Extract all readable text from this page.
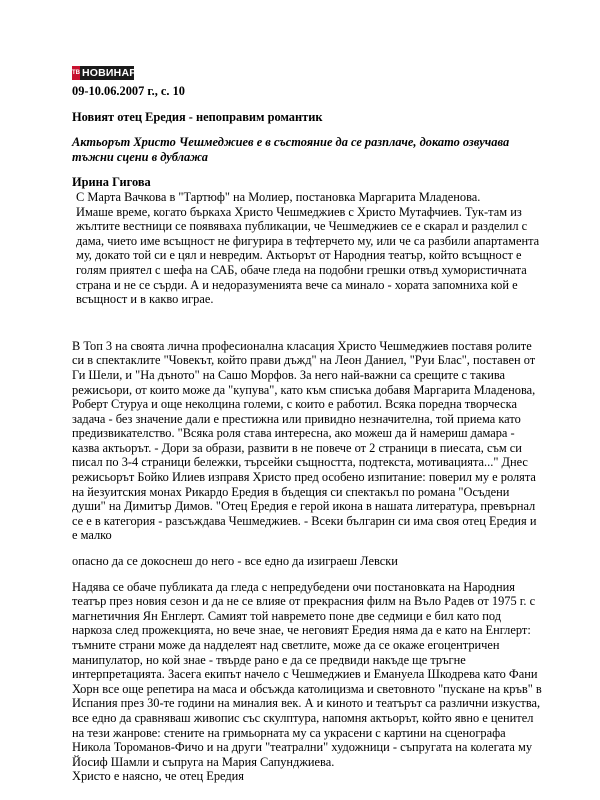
ТВ НОВИНАР

09-10.06.2007 г., с. 10

Новият отец Ередия - непоправим романтик

Актьорът Христо Чешмеджиев е в състояние да се разплаче, докато озвучава тъжни сцени в дублажа

Ирина Гигова

С Марта Вачкова в "Тартюф" на Молиер, постановка Маргарита Младенова.

Имаше време, когато бъркаха Христо Чешмеджиев с Христо Мутафчиев. Тук-там из жълтите вестници се появяваха публикации, че Чешмеджиев се е скарал и разделил с дама, чието име всъщност не фигурира в тефтерчето му, или че са разбили апартамента му, докато той си е цял и невредим. Актьорът от Народния театър, който всъщност е голям приятел с шефа на САБ, обаче гледа на подобни грешки отвъд хумористичната страна и не се сърди. А и недоразуменията вече са минало - хората запомниха кой е всъщност и в какво играе.

В Топ 3 на своята лична професионална класация Христо Чешмеджиев поставя ролите си в спектаклите "Човекът, който прави дъжд" на Леон Даниел, "Руи Блас", поставен от Ги Шели, и "На дъното" на Сашо Морфов. За него най-важни са срещите с такива режисьори, от които може да "купува", като към списъка добавя Маргарита Младенова, Роберт Стуруа и още неколцина големи, с които е работил. Всяка поредна творческа задача - без значение дали е престижна или привидно незначителна, той приема като предизвикателство. "Всяка роля става интересна, ако можеш да й намериш дамара - казва актьорът. - Дори за образи, развити в не повече от 2 страници в пиесата, съм си писал по 3-4 страници бележки, търсейки същността, подтекста, мотивацията..." Днес режисьорът Бойко Илиев изправя Христо пред особено изпитание: поверил му е ролята на йезуитския монах Рикардо Ередия в бъдещия си спектакъл по романа "Осъдени души" на Димитър Димов. "Отец Ередия е герой икона в нашата литература, превърнал се е в категория - разсъждава Чешмеджиев. - Всеки българин си има своя отец Ередия и е малко

опасно да се докоснеш до него - все едно да изиграеш Левски

Надява се обаче публиката да гледа с непредубедени очи постановката на Народния театър през новия сезон и да не се влияе от прекрасния филм на Въло Радев от 1975 г. с магнетичния Ян Енглерт. Самият той навремето поне две седмици е бил като под наркоза след прожекцията, но вече знае, че неговият Ередия няма да е като на Енглерт: тъмните страни може да надделеят над светлите, може да се окаже егоцентричен манипулатор, но кой знае - твърде рано е да се предвиди накъде ще тръгне интерпретацията. Засега екипът начело с Чешмеджиев и Емануела Шкодрева като Фани Хорн все още репетира на маса и обсъжда католицизма и световното "пускане на кръв" в Испания през 30-те години на миналия век. А и киното и театърът са различни изкуства, все едно да сравняваш живопис със скулптура, напомня актьорът, който явно е ценител на тези жанрове: стените на гримьорната му са украсени с картини на сценографа Никола Тороманов-Фичо и на други "театрални" художници - съпругата на колегата му Йосиф Шамли и съпруга на Мария Сапунджиева.

Христо е наясно, че отец Ередия
